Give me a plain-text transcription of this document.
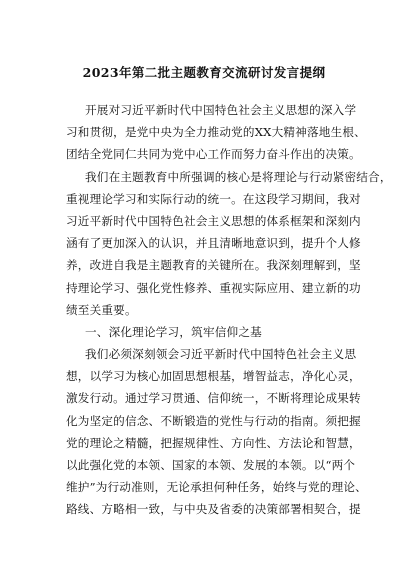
2023年第二批主题教育交流研讨发言提纲
开展对习近平新时代中国特色社会主义思想的深入学
习和贯彻，是党中央为全力推动党的XX大精神落地生根、
团结全党同仁共同为党中心工作而努力奋斗作出的决策。
我们在主题教育中所强调的核心是将理论与行动紧密结合，
重视理论学习和实际行动的统一。在这段学习期间，我对
习近平新时代中国特色社会主义思想的体系框架和深刻内
涵有了更加深入的认识，并且清晰地意识到，提升个人修
养，改进自我是主题教育的关键所在。我深刻理解到，坚
持理论学习、强化党性修养、重视实际应用、建立新的功
绩至关重要。
一、深化理论学习，筑牢信仰之基
我们必须深刻领会习近平新时代中国特色社会主义思
想，以学习为核心加固思想根基，增智益志，净化心灵，
激发行动。通过学习贯通、信仰统一，不断将理论成果转
化为坚定的信念、不断锻造的党性与行动的指南。须把握
党的理论之精髓，把握规律性、方向性、方法论和智慧，
以此强化党的本领、国家的本领、发展的本领。以“两个
维护”为行动准则，无论承担何种任务，始终与党的理论、
路线、方略相一致，与中央及省委的决策部署相契合，提
